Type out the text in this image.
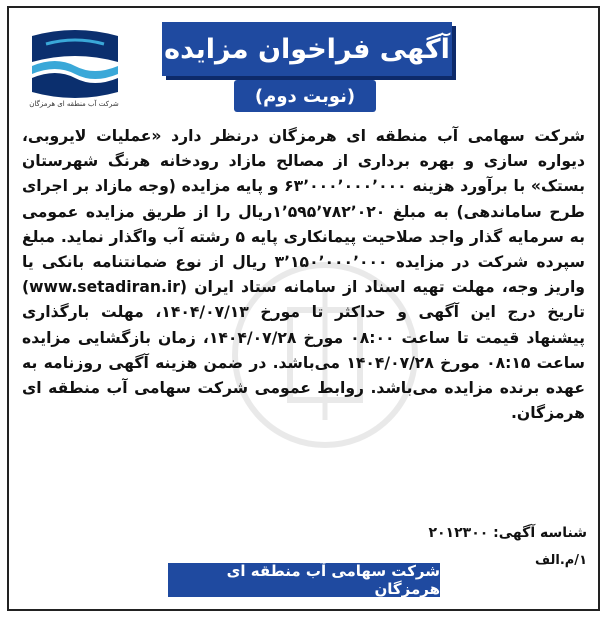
شرکت آب منطقه ای هرمزگان
آگهی فراخوان مزایده
(نوبت دوم)

شرکت سهامی آب منطقه ای هرمزگان درنظر دارد «عملیات لایروبی، دیواره سازی و بهره برداری از مصالح مازاد رودخانه هرنگ شهرستان بستک» با برآورد هزینه ۶۳٬۰۰۰٬۰۰۰٬۰۰۰ و پایه مزایده (وجه مازاد بر اجرای طرح ساماندهی) به مبلغ ۱٬۵۹۵٬۷۸۲٬۰۲۰ریال را از طریق مزایده عمومی به سرمایه گذار واجد صلاحیت پیمانکاری پایه ۵ رشته آب واگذار نماید. مبلغ سپرده شرکت در مزایده ۳٬۱۵۰٬۰۰۰٬۰۰۰ ریال از نوع ضمانتنامه بانکی یا واریز وجه، مهلت تهیه اسناد از سامانه ستاد ایران (www.setadiran.ir) تاریخ درج این آگهی و حداکثر تا مورخ ۱۴۰۴/۰۷/۱۳، مهلت بارگذاری پیشنهاد قیمت تا ساعت ۰۸:۰۰ مورخ ۱۴۰۴/۰۷/۲۸، زمان بازگشایی مزایده ساعت ۰۸:۱۵ مورخ ۱۴۰۴/۰۷/۲۸ می‌باشد. در ضمن هزینه آگهی روزنامه به عهده برنده مزایده می‌باشد. روابط عمومی شرکت سهامی آب منطقه ای هرمزگان.

شناسه آگهی: ۲۰۱۲۳۰۰
۱/م.الف
شرکت سهامی آب منطقه ای هرمزگان
